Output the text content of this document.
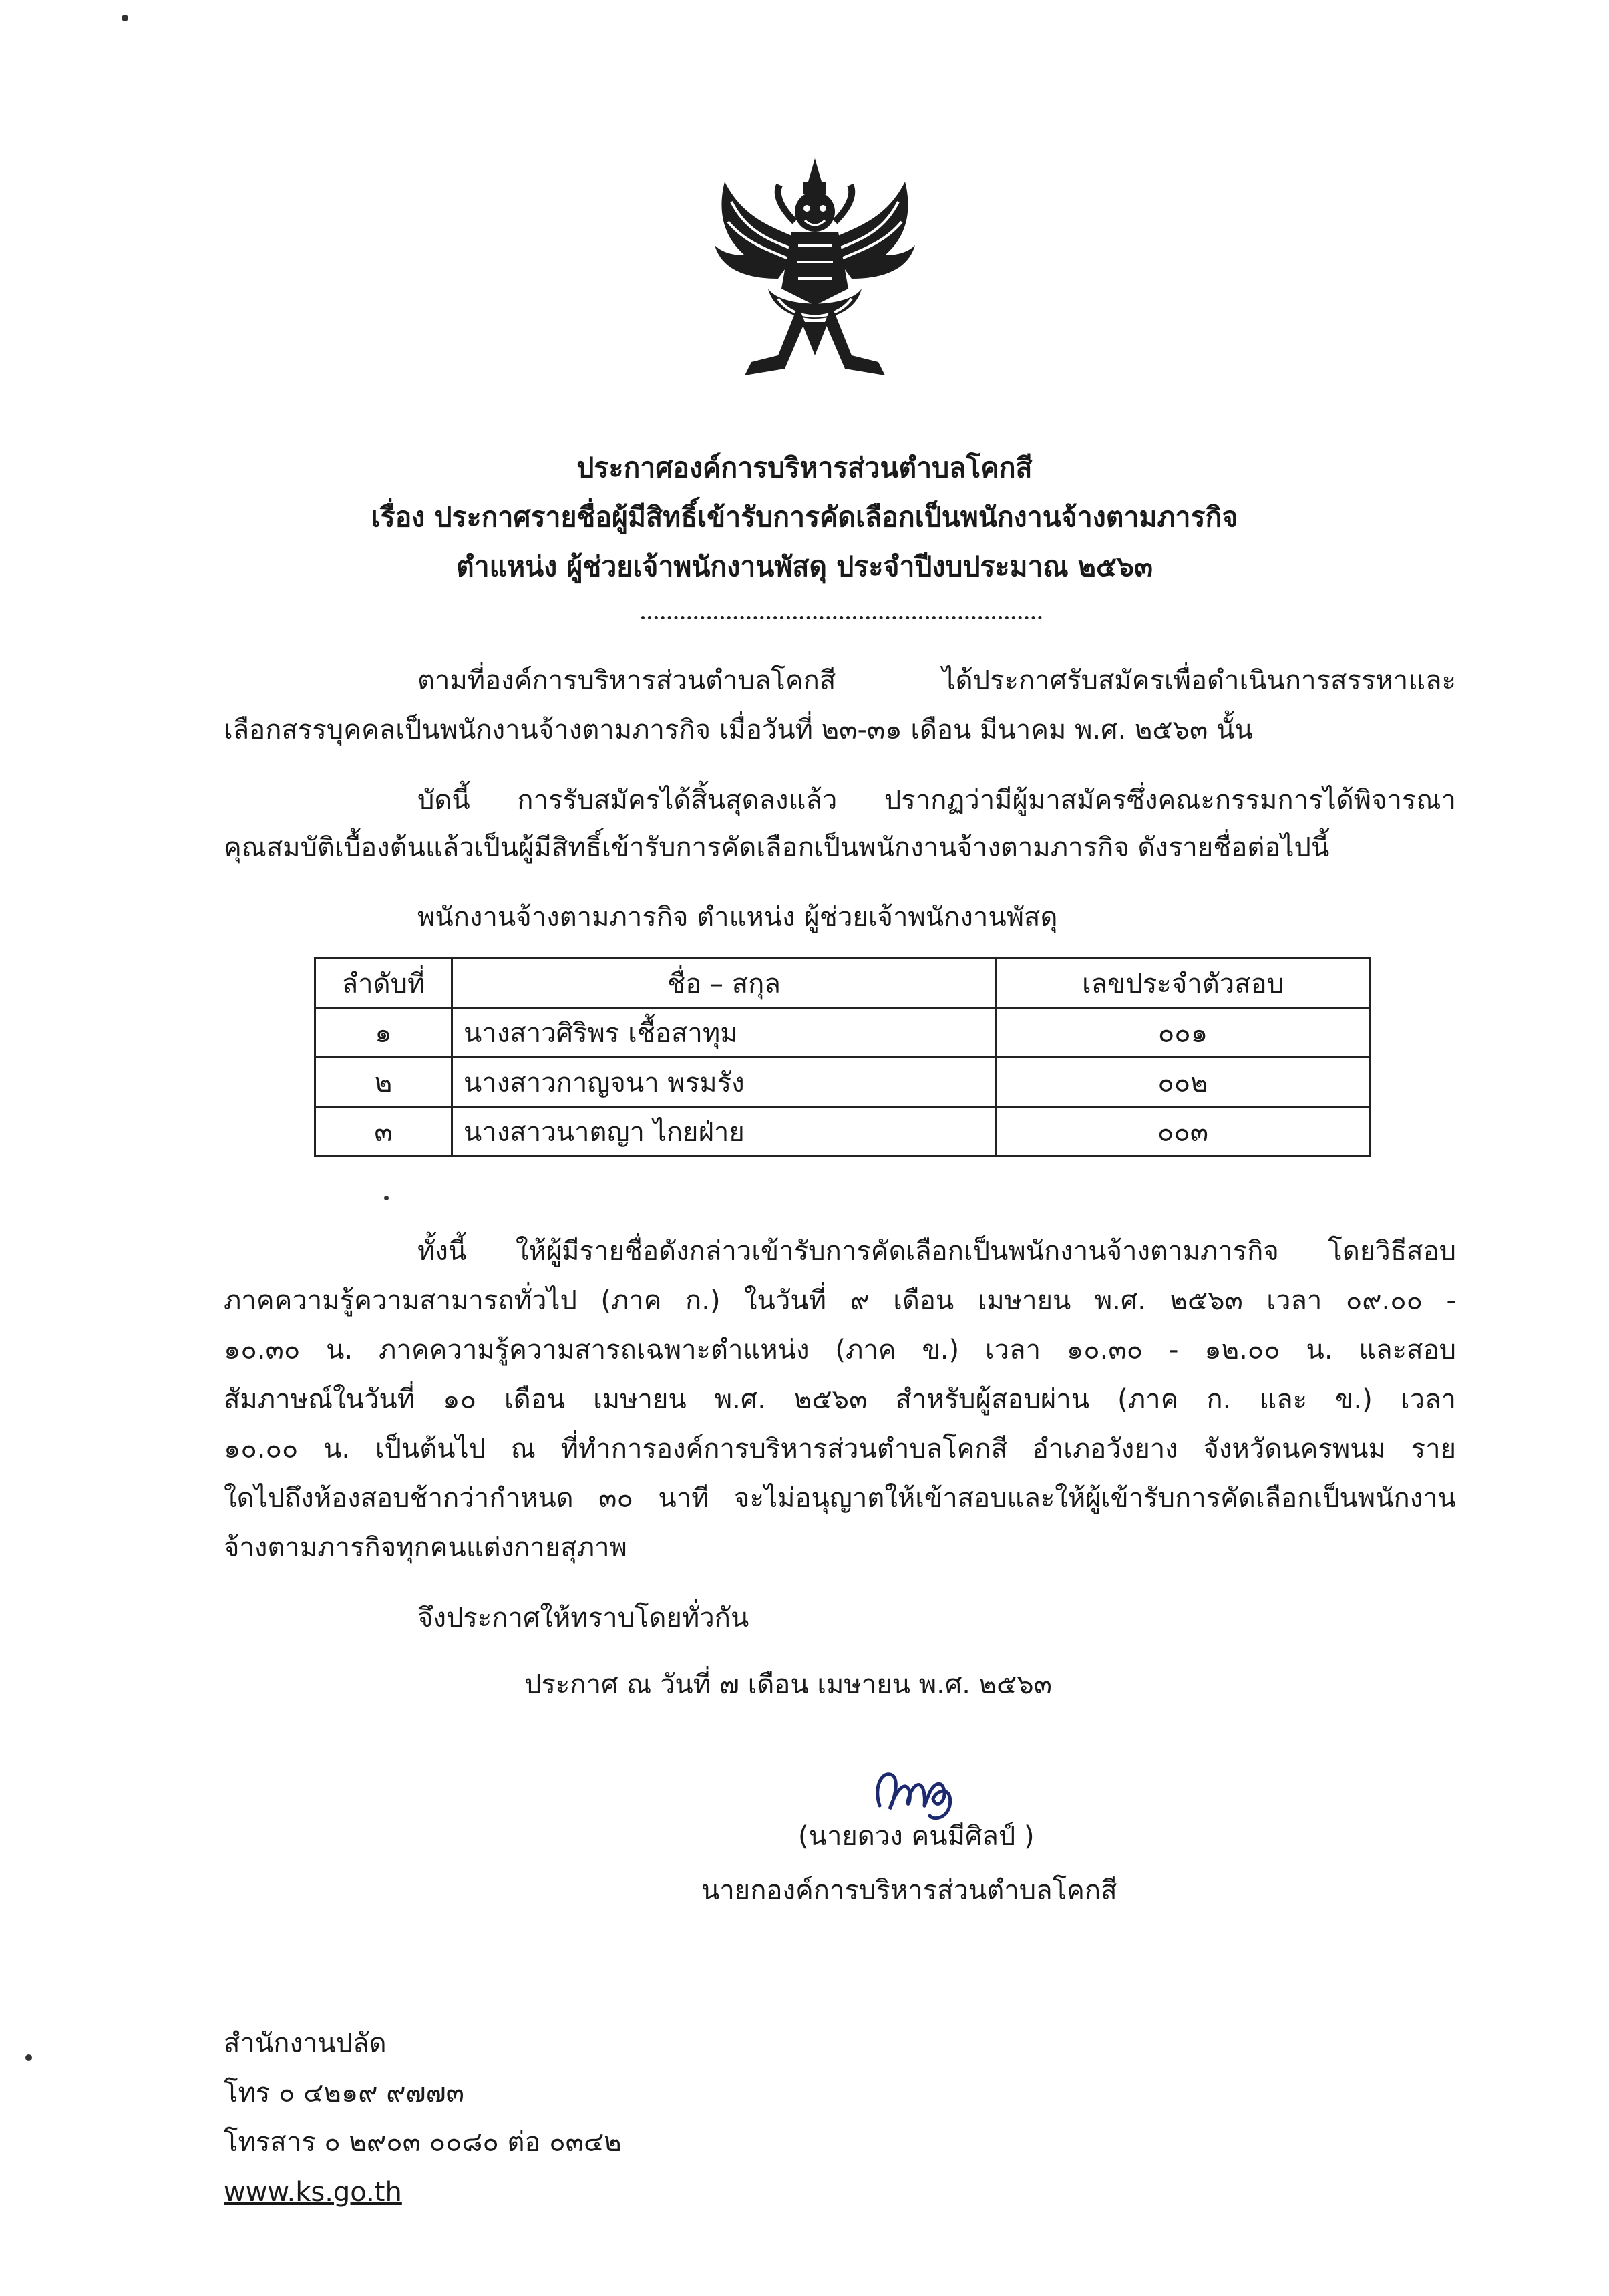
ประกาศองค์การบริหารส่วนตำบลโคกสี
เรื่อง ประกาศรายชื่อผู้มีสิทธิ์เข้ารับการคัดเลือกเป็นพนักงานจ้างตามภารกิจ
ตำแหน่ง ผู้ช่วยเจ้าพนักงานพัสดุ ประจำปีงบประมาณ ๒๕๖๓
ตามที่องค์การบริหารส่วนตำบลโคกสี ได้ประกาศรับสมัครเพื่อดำเนินการสรรหาและ
เลือกสรรบุคคลเป็นพนักงานจ้างตามภารกิจ เมื่อวันที่ ๒๓-๓๑ เดือน มีนาคม พ.ศ. ๒๕๖๓ นั้น
บัดนี้ การรับสมัครได้สิ้นสุดลงแล้ว ปรากฏว่ามีผู้มาสมัครซึ่งคณะกรรมการได้พิจารณา
คุณสมบัติเบื้องต้นแล้วเป็นผู้มีสิทธิ์เข้ารับการคัดเลือกเป็นพนักงานจ้างตามภารกิจ ดังรายชื่อต่อไปนี้
พนักงานจ้างตามภารกิจ ตำแหน่ง ผู้ช่วยเจ้าพนักงานพัสดุ
ลำดับที่	ชื่อ – สกุล	เลขประจำตัวสอบ
๑	นางสาวศิริพร เชื้อสาทุม	๐๐๑
๒	นางสาวกาญจนา พรมรัง	๐๐๒
๓	นางสาวนาตญา ไกยฝ่าย	๐๐๓
ทั้งนี้ ให้ผู้มีรายชื่อดังกล่าวเข้ารับการคัดเลือกเป็นพนักงานจ้างตามภารกิจ โดยวิธีสอบ
ภาคความรู้ความสามารถทั่วไป (ภาค ก.) ในวันที่ ๙ เดือน เมษายน พ.ศ. ๒๕๖๓ เวลา ๐๙.๐๐ -
๑๐.๓๐ น. ภาคความรู้ความสารถเฉพาะตำแหน่ง (ภาค ข.) เวลา ๑๐.๓๐ - ๑๒.๐๐ น. และสอบ
สัมภาษณ์ในวันที่ ๑๐ เดือน เมษายน พ.ศ. ๒๕๖๓ สำหรับผู้สอบผ่าน (ภาค ก. และ ข.) เวลา
๑๐.๐๐ น. เป็นต้นไป ณ ที่ทำการองค์การบริหารส่วนตำบลโคกสี อำเภอวังยาง จังหวัดนครพนม ราย
ใดไปถึงห้องสอบช้ากว่ากำหนด ๓๐ นาที จะไม่อนุญาตให้เข้าสอบและให้ผู้เข้ารับการคัดเลือกเป็นพนักงาน
จ้างตามภารกิจทุกคนแต่งกายสุภาพ
จึงประกาศให้ทราบโดยทั่วกัน
ประกาศ ณ วันที่ ๗ เดือน เมษายน พ.ศ. ๒๕๖๓
(นายดวง คนมีศิลป์ )
นายกองค์การบริหารส่วนตำบลโคกสี
สำนักงานปลัด
โทร ๐ ๔๒๑๙ ๙๗๗๓
โทรสาร ๐ ๒๙๐๓ ๐๐๘๐ ต่อ ๐๓๔๒
www.ks.go.th
